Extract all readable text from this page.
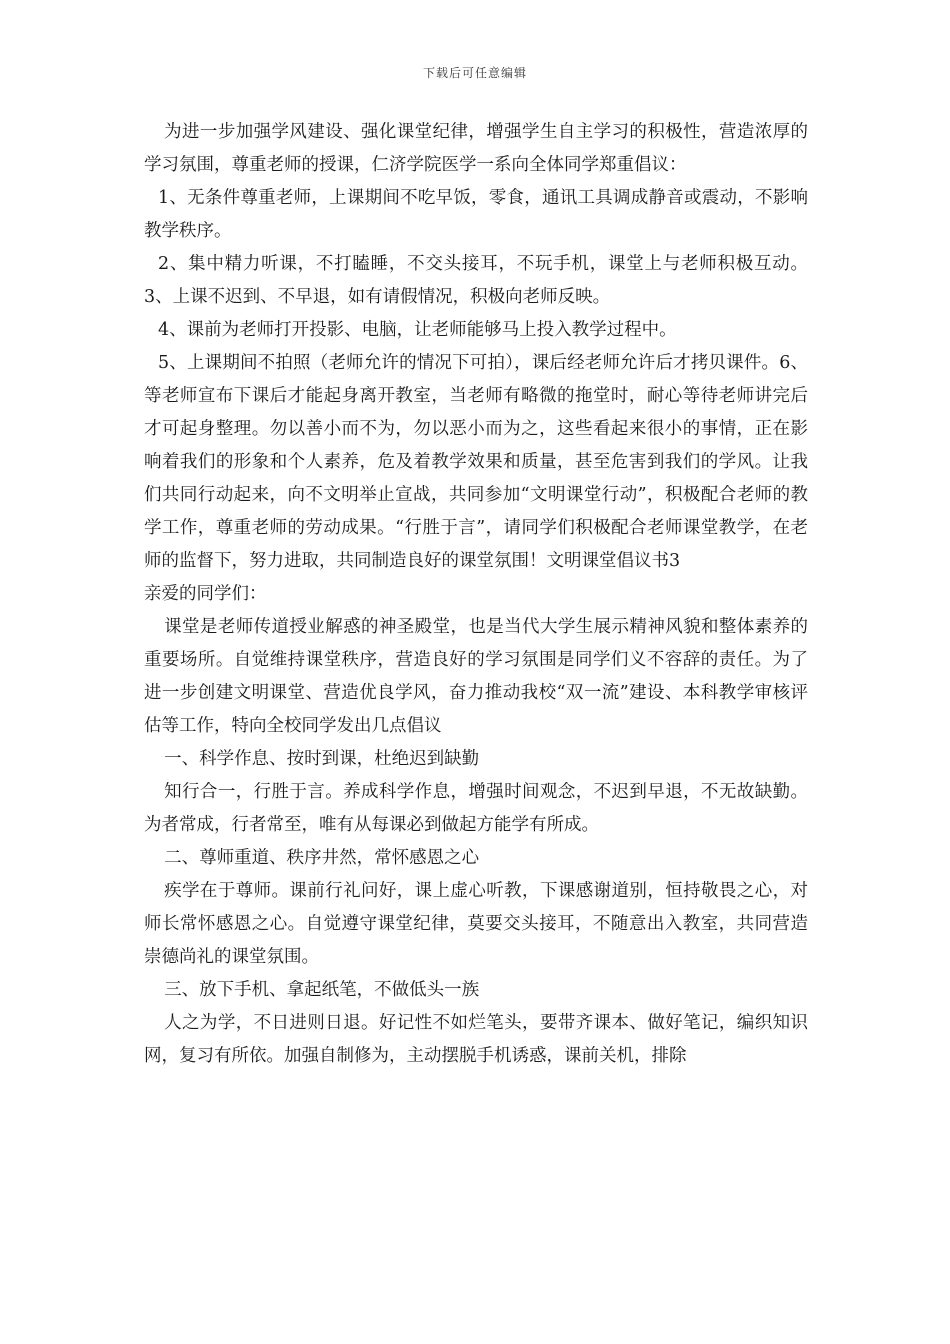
下载后可任意编辑

为进一步加强学风建设、强化课堂纪律，增强学生自主学习的积极性，营造浓厚的学习氛围，尊重老师的授课，仁济学院医学一系向全体同学郑重倡议：

1、无条件尊重老师，上课期间不吃早饭，零食，通讯工具调成静音或震动，不影响教学秩序。

2、集中精力听课，不打瞌睡，不交头接耳，不玩手机，课堂上与老师积极互动。3、上课不迟到、不早退，如有请假情况，积极向老师反映。

4、课前为老师打开投影、电脑，让老师能够马上投入教学过程中。

5、上课期间不拍照（老师允许的情况下可拍），课后经老师允许后才拷贝课件。6、等老师宣布下课后才能起身离开教室，当老师有略微的拖堂时，耐心等待老师讲完后才可起身整理。勿以善小而不为，勿以恶小而为之，这些看起来很小的事情，正在影响着我们的形象和个人素养，危及着教学效果和质量，甚至危害到我们的学风。让我们共同行动起来，向不文明举止宣战，共同参加“文明课堂行动”，积极配合老师的教学工作，尊重老师的劳动成果。“行胜于言”，请同学们积极配合老师课堂教学，在老师的监督下，努力进取，共同制造良好的课堂氛围！文明课堂倡议书3

亲爱的同学们：

课堂是老师传道授业解惑的神圣殿堂，也是当代大学生展示精神风貌和整体素养的重要场所。自觉维持课堂秩序，营造良好的学习氛围是同学们义不容辞的责任。为了进一步创建文明课堂、营造优良学风，奋力推动我校“双一流”建设、本科教学审核评估等工作，特向全校同学发出几点倡议

一、科学作息、按时到课，杜绝迟到缺勤

知行合一，行胜于言。养成科学作息，增强时间观念，不迟到早退，不无故缺勤。为者常成，行者常至，唯有从每课必到做起方能学有所成。

二、尊师重道、秩序井然，常怀感恩之心

疾学在于尊师。课前行礼问好，课上虚心听教，下课感谢道别，恒持敬畏之心，对师长常怀感恩之心。自觉遵守课堂纪律，莫要交头接耳，不随意出入教室，共同营造崇德尚礼的课堂氛围。

三、放下手机、拿起纸笔，不做低头一族

人之为学，不日进则日退。好记性不如烂笔头，要带齐课本、做好笔记，编织知识网，复习有所依。加强自制修为，主动摆脱手机诱惑，课前关机，排除
